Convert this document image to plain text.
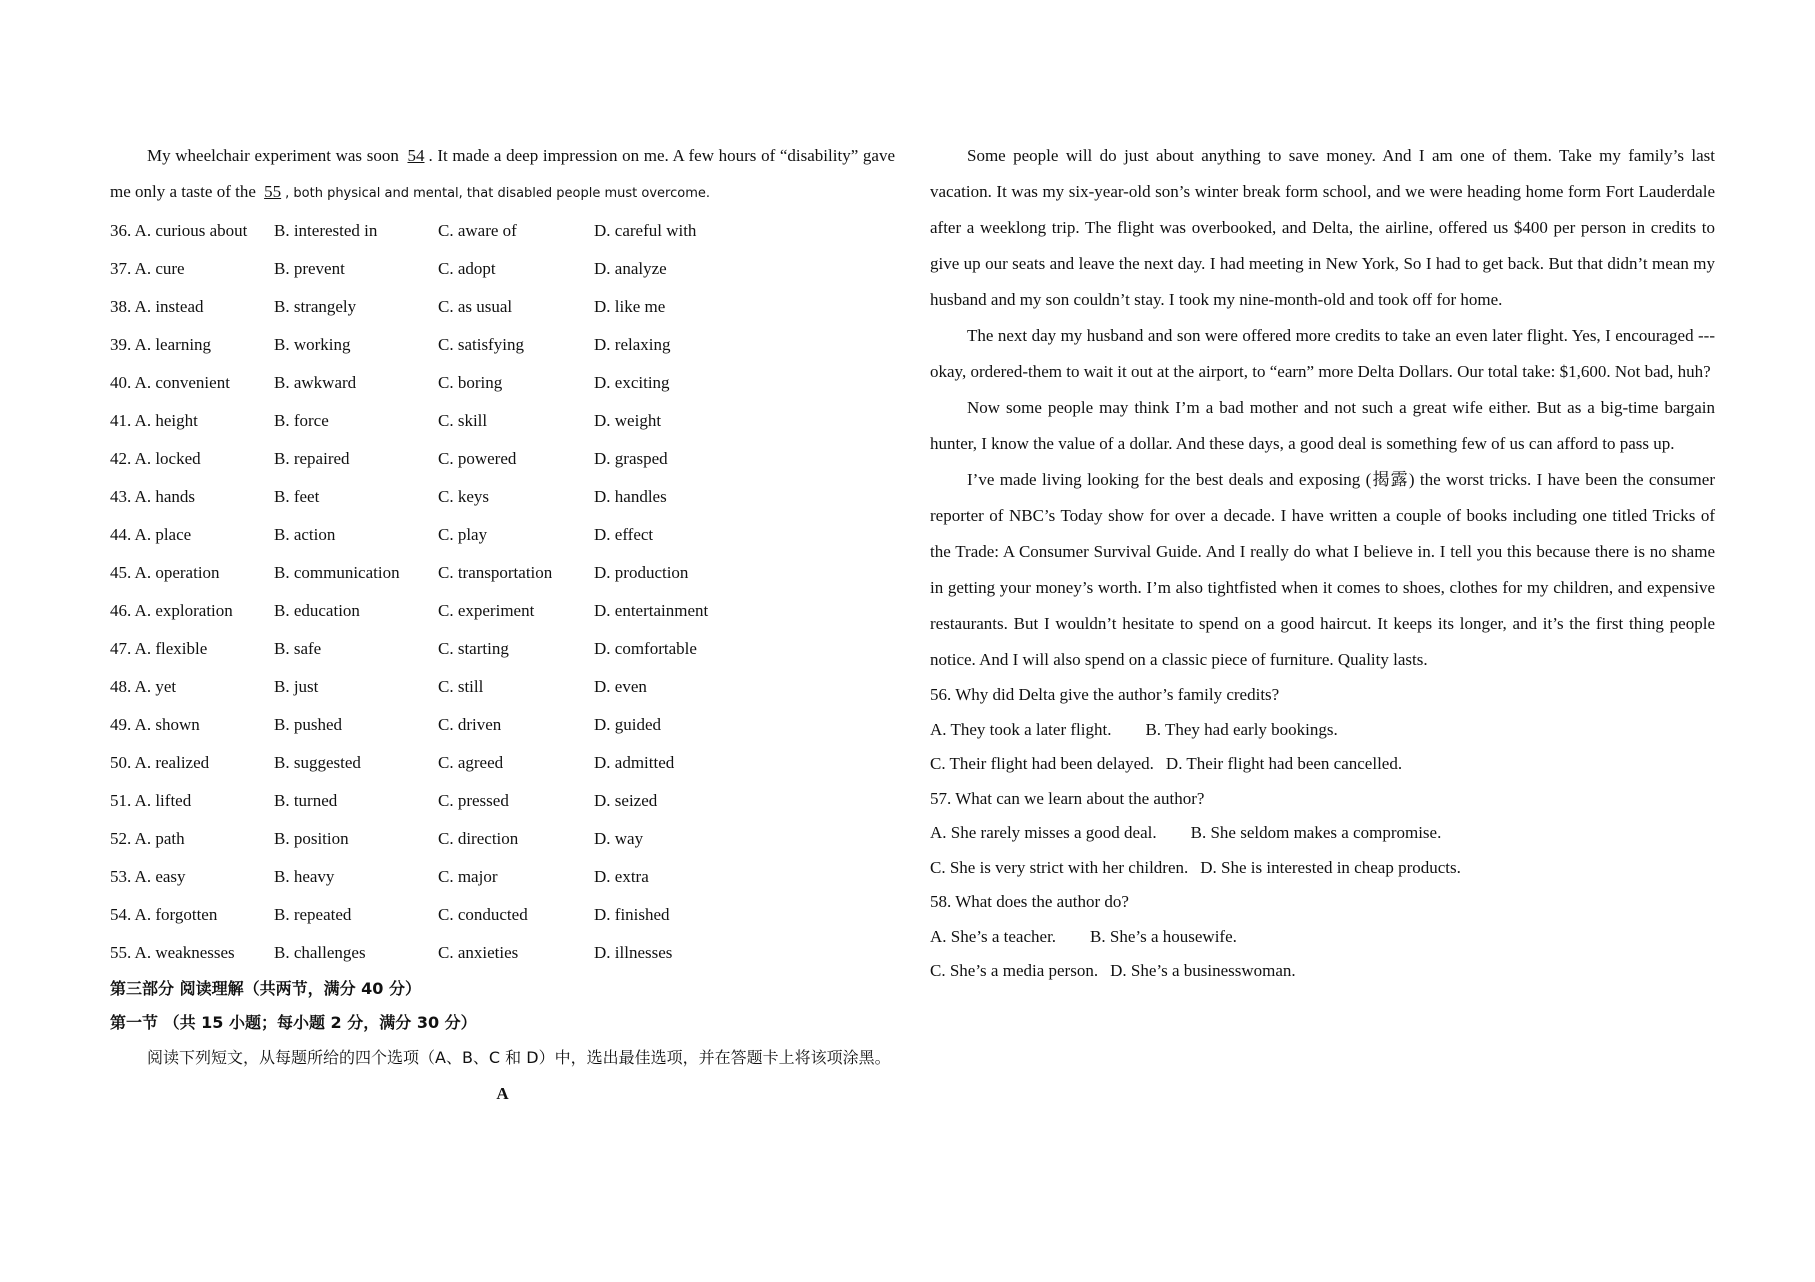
My wheelchair experiment was soon 54 . It made a deep impression on me. A few hours of “disability” gave me only a taste of the 55 , both physical and mental, that disabled people must overcome.

36. A. curious about	B. interested in	C. aware of	D. careful with
37. A. cure	B. prevent	C. adopt	D. analyze
38. A. instead	B. strangely	C. as usual	D. like me
39. A. learning	B. working	C. satisfying	D. relaxing
40. A. convenient	B. awkward	C. boring	D. exciting
41. A. height	B. force	C. skill	D. weight
42. A. locked	B. repaired	C. powered	D. grasped
43. A. hands	B. feet	C. keys	D. handles
44. A. place	B. action	C. play	D. effect
45. A. operation	B. communication	C. transportation	D. production
46. A. exploration	B. education	C. experiment	D. entertainment
47. A. flexible	B. safe	C. starting	D. comfortable
48. A. yet	B. just	C. still	D. even
49. A. shown	B. pushed	C. driven	D. guided
50. A. realized	B. suggested	C. agreed	D. admitted
51. A. lifted	B. turned	C. pressed	D. seized
52. A. path	B. position	C. direction	D. way
53. A. easy	B. heavy	C. major	D. extra
54. A. forgotten	B. repeated	C. conducted	D. finished
55. A. weaknesses	B. challenges	C. anxieties	D. illnesses

第三部分 阅读理解（共两节，满分 40 分）

第一节 （共 15 小题；每小题 2 分，满分 30 分）

阅读下列短文，从每题所给的四个选项（A、B、C 和 D）中，选出最佳选项，并在答题卡上将该项涂黑。

A

Some people will do just about anything to save money. And I am one of them. Take my family’s last vacation. It was my six-year-old son’s winter break form school, and we were heading home form Fort Lauderdale after a weeklong trip. The flight was overbooked, and Delta, the airline, offered us $400 per person in credits to give up our seats and leave the next day. I had meeting in New York, So I had to get back. But that didn’t mean my husband and my son couldn’t stay. I took my nine-month-old and took off for home.

The next day my husband and son were offered more credits to take an even later flight. Yes, I encouraged --- okay, ordered-them to wait it out at the airport, to “earn” more Delta Dollars. Our total take: $1,600. Not bad, huh?

Now some people may think I’m a bad mother and not such a great wife either. But as a big-time bargain hunter, I know the value of a dollar. And these days, a good deal is something few of us can afford to pass up.

I’ve made living looking for the best deals and exposing (揭露) the worst tricks. I have been the consumer reporter of NBC’s Today show for over a decade. I have written a couple of books including one titled Tricks of the Trade: A Consumer Survival Guide. And I really do what I believe in. I tell you this because there is no shame in getting your money’s worth. I’m also tightfisted when it comes to shoes, clothes for my children, and expensive restaurants. But I wouldn’t hesitate to spend on a good haircut. It keeps its longer, and it’s the first thing people notice. And I will also spend on a classic piece of furniture. Quality lasts.

56. Why did Delta give the author’s family credits?

A. They took a later flight. B. They had early bookings.

C. Their flight had been delayed. D. Their flight had been cancelled.

57. What can we learn about the author?

A. She rarely misses a good deal. B. She seldom makes a compromise.

C. She is very strict with her children. D. She is interested in cheap products.

58. What does the author do?

A. She’s a teacher. B. She’s a housewife.

C. She’s a media person. D. She’s a businesswoman.
